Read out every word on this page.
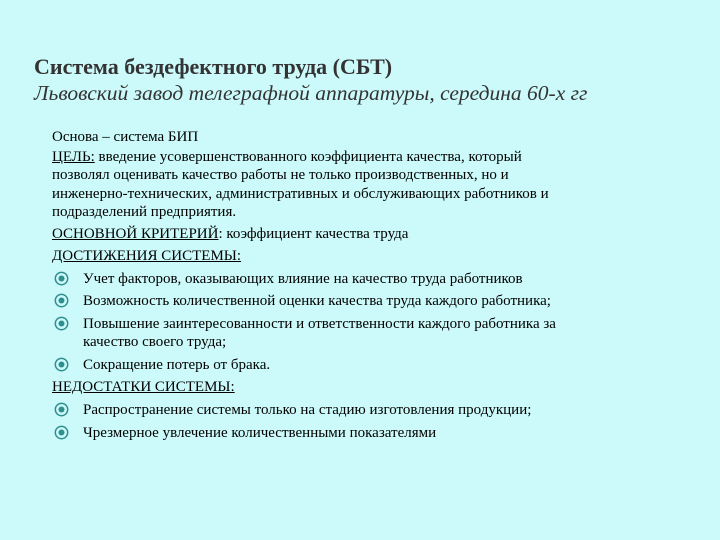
Система бездефектного труда (СБТ)
Львовский завод телеграфной аппаратуры, середина 60-х гг
Основа – система БИП
ЦЕЛЬ: введение усовершенствованного коэффициента качества, который
позволял оценивать качество работы не только производственных, но и
инженерно-технических, административных и обслуживающих работников и
подразделений предприятия.
ОСНОВНОЙ КРИТЕРИЙ: коэффициент качества труда
ДОСТИЖЕНИЯ СИСТЕМЫ:
Учет факторов, оказывающих влияние на качество труда работников
Возможность количественной оценки качества труда каждого работника;
Повышение заинтересованности и ответственности каждого работника за
качество своего труда;
Сокращение потерь от брака.
НЕДОСТАТКИ СИСТЕМЫ:
Распространение системы только на стадию изготовления продукции;
Чрезмерное увлечение количественными показателями
